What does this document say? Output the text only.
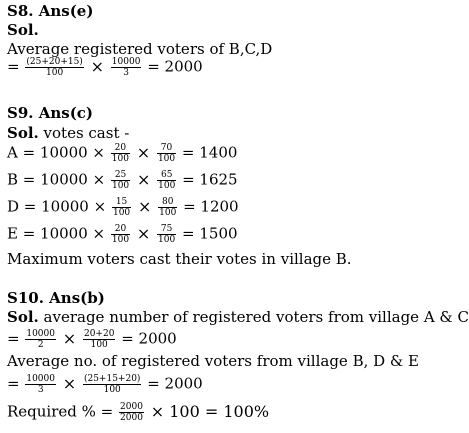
S8. Ans(e)
Sol.
Average registered voters of B,C,D
= $\frac{(25+20+15)}{100} \times \frac{10000}{3} = 2000$
S9. Ans(c)
Sol. votes cast -
$A = 10000 \times \frac{20}{100} \times \frac{70}{100} = 1400$
$B = 10000 \times \frac{25}{100} \times \frac{65}{100} = 1625$
$D = 10000 \times \frac{15}{100} \times \frac{80}{100} = 1200$
$E = 10000 \times \frac{20}{100} \times \frac{75}{100} = 1500$
Maximum voters cast their votes in village B.
S10. Ans(b)
Sol. average number of registered voters from village A & C
= $\frac{10000}{2} \times \frac{20+20}{100} = 2000$
Average no. of registered voters from village B, D & E
= $\frac{10000}{3} \times \frac{(25+15+20)}{100} = 2000$
Required % = $\frac{2000}{2000} \times 100 = 100\%$
